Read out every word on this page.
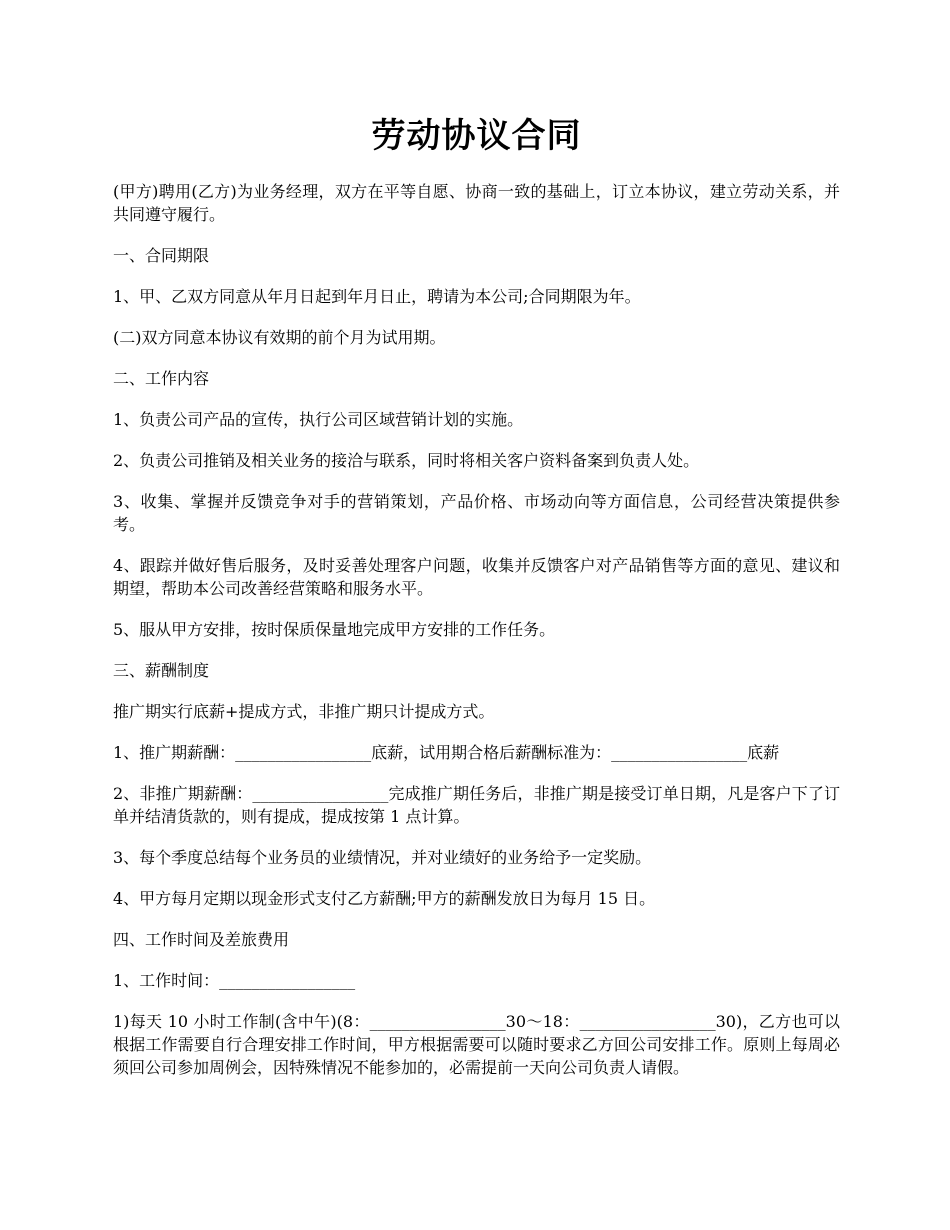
劳动协议合同

(甲方)聘用(乙方)为业务经理，双方在平等自愿、协商一致的基础上，订立本协议，建立劳动关系，并共同遵守履行。

一、合同期限

1、甲、乙双方同意从年月日起到年月日止，聘请为本公司;合同期限为年。

(二)双方同意本协议有效期的前个月为试用期。

二、工作内容

1、负责公司产品的宣传，执行公司区域营销计划的实施。

2、负责公司推销及相关业务的接洽与联系，同时将相关客户资料备案到负责人处。

3、收集、掌握并反馈竞争对手的营销策划，产品价格、市场动向等方面信息，公司经营决策提供参考。

4、跟踪并做好售后服务，及时妥善处理客户问题，收集并反馈客户对产品销售等方面的意见、建议和期望，帮助本公司改善经营策略和服务水平。

5、服从甲方安排，按时保质保量地完成甲方安排的工作任务。

三、薪酬制度

推广期实行底薪+提成方式，非推广期只计提成方式。

1、推广期薪酬：_________________底薪，试用期合格后薪酬标准为：_________________底薪

2、非推广期薪酬：_________________完成推广期任务后，非推广期是接受订单日期，凡是客户下了订单并结清货款的，则有提成，提成按第 1 点计算。

3、每个季度总结每个业务员的业绩情况，并对业绩好的业务给予一定奖励。

4、甲方每月定期以现金形式支付乙方薪酬;甲方的薪酬发放日为每月 15 日。

四、工作时间及差旅费用

1、工作时间：_________________

1)每天 10 小时工作制(含中午)(8：_________________30～18：_________________30)，乙方也可以根据工作需要自行合理安排工作时间，甲方根据需要可以随时要求乙方回公司安排工作。原则上每周必须回公司参加周例会，因特殊情况不能参加的，必需提前一天向公司负责人请假。
